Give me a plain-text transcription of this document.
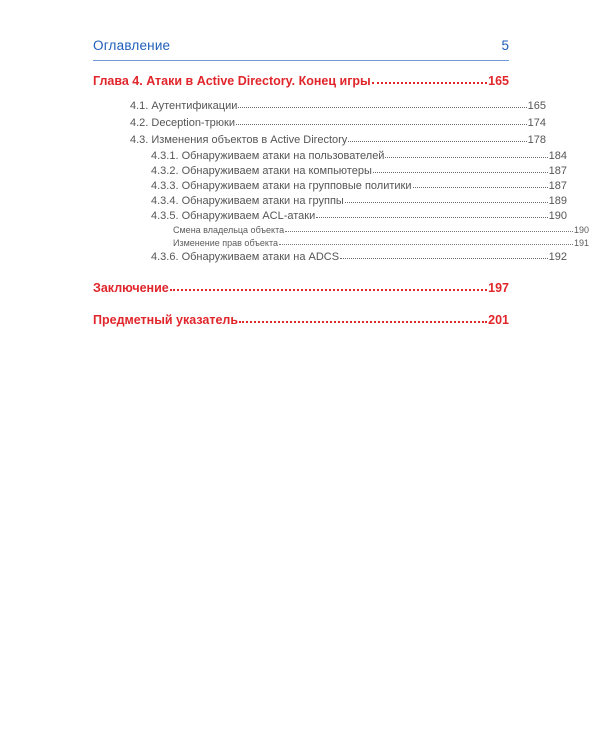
Оглавление	5
Глава 4. Атаки в Active Directory. Конец игры	165
4.1. Аутентификации	165
4.2. Deception-трюки	174
4.3. Изменения объектов в Active Directory	178
4.3.1. Обнаруживаем атаки на пользователей	184
4.3.2. Обнаруживаем атаки на компьютеры	187
4.3.3. Обнаруживаем атаки на групповые политики	187
4.3.4. Обнаруживаем атаки на группы	189
4.3.5. Обнаруживаем ACL-атаки	190
Смена владельца объекта	190
Изменение прав объекта	191
4.3.6. Обнаруживаем атаки на ADCS	192
Заключение	197
Предметный указатель	201
